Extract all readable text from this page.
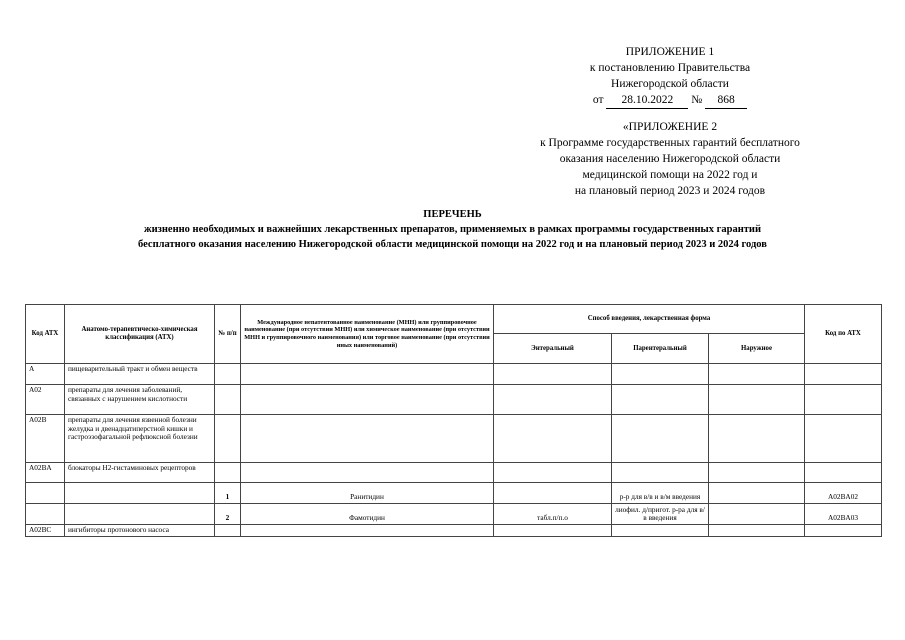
ПРИЛОЖЕНИЕ 1
к постановлению Правительства
Нижегородской области
от 28.10.2022 № 868
«ПРИЛОЖЕНИЕ 2
к Программе государственных гарантий бесплатного
оказания населению Нижегородской области
медицинской помощи на 2022 год и
на плановый период 2023 и 2024 годов
ПЕРЕЧЕНЬ
жизненно необходимых и важнейших лекарственных препаратов, применяемых в рамках программы государственных гарантий
бесплатного оказания населению Нижегородской области медицинской помощи на 2022 год и на плановый период 2023 и 2024 годов
Код АТХ	Анатомо-терапевтическо-химическая классификация (АТХ)	№ п/п	Международное непатентованное наименование (МНН) или группировочное наименование (при отсутствии МНН) или химическое наименование (при отсутствии МНН и группировочного наименования) или торговое наименование (при отсутствии иных наименований)	Способ введения, лекарственная форма			Код по АТХ
				Энтеральный	Парентеральный	Наружное	
A	пищеварительный тракт и обмен веществ						
A02	препараты для лечения заболеваний, связанных с нарушением кислотности						
A02B	препараты для лечения язвенной болезни желудка и двенадцатиперстной кишки и гастроэзофагальной рефлюксной болезни						
A02BA	блокаторы Н2-гистаминовых рецепторов						
		1	Ранитидин		р-р для в/в и в/м введения		A02BA02
		2	Фамотидин	табл.п/п.о	лиофил. д/пригот. р-ра для в/в введения		A02BA03
A02BC	ингибиторы протонового насоса						
